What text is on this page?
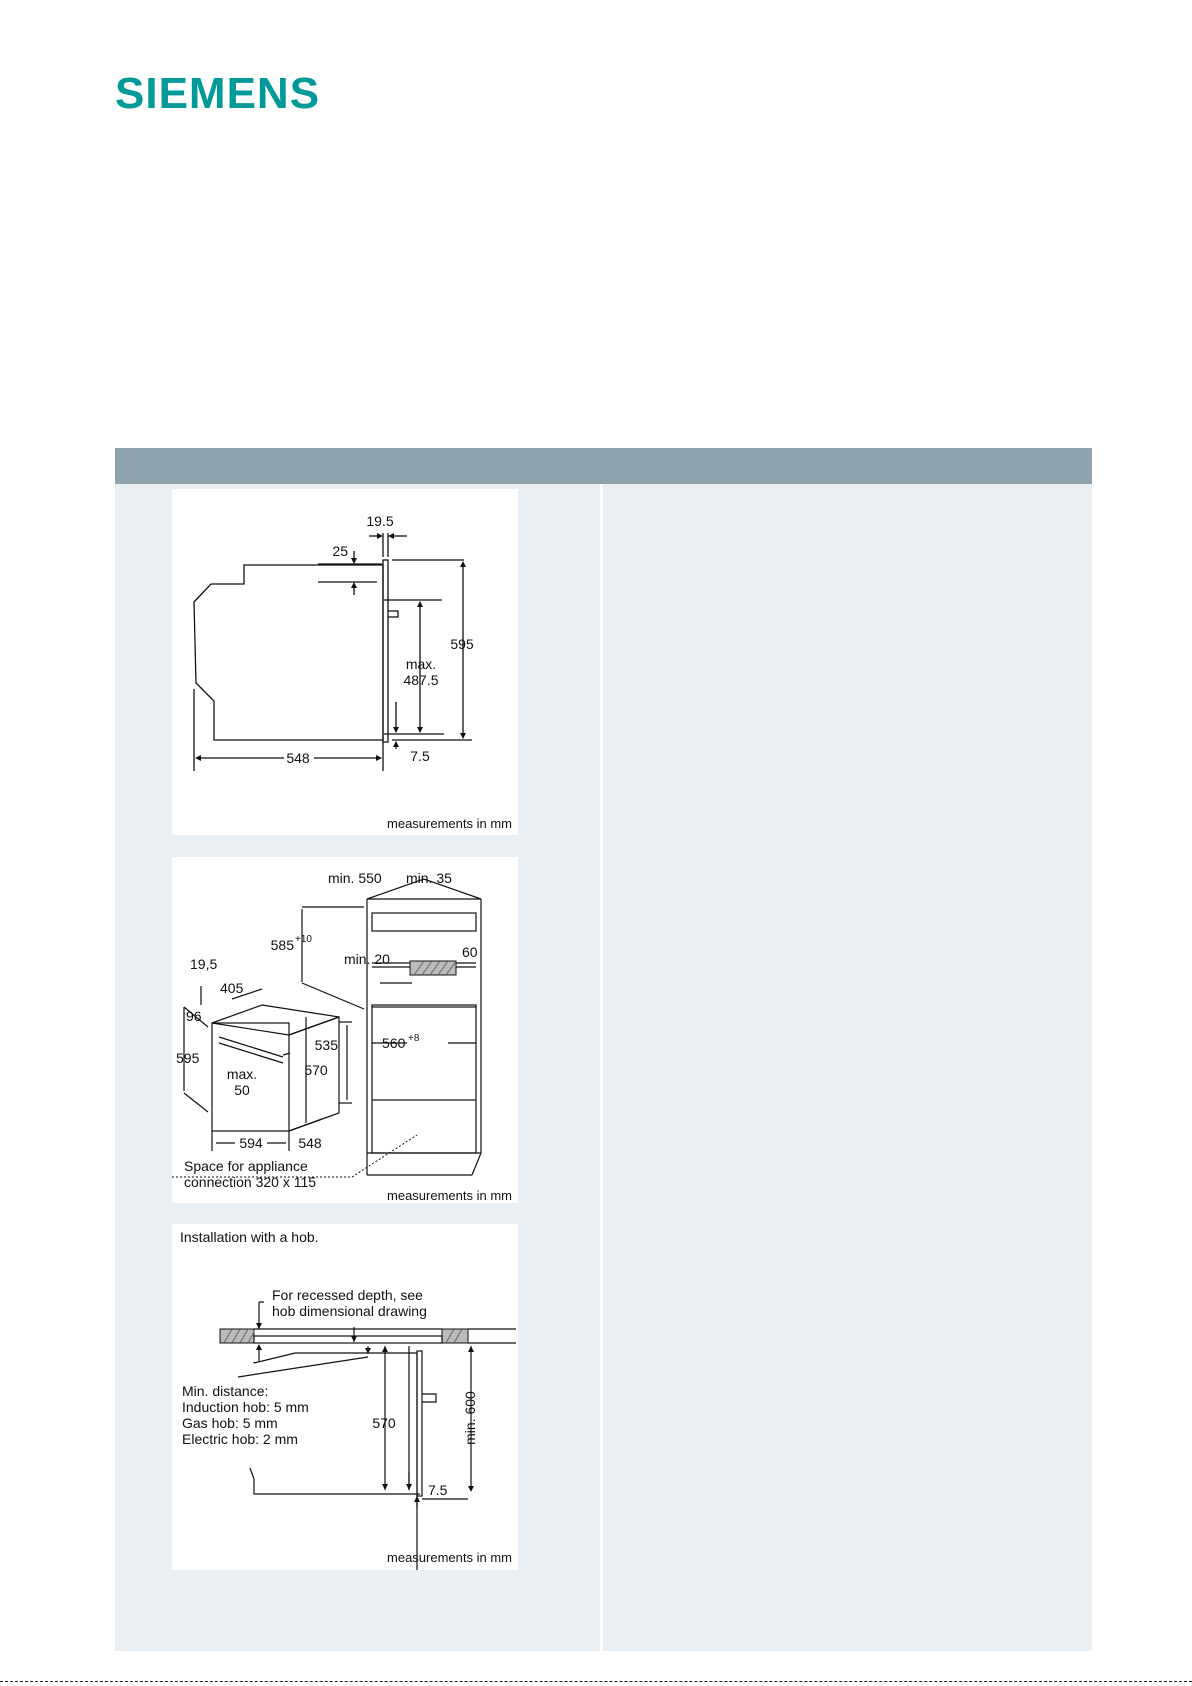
SIEMENS
19.5
25
595
max.
487.5
7.5
548
measurements in mm
min. 550 min. 35
585 +10
min. 20	60
19,5
405
96
595
535	560 +8
max.
50
570
594	548
Space for appliance
connection 320 x 115
measurements in mm
Installation with a hob.
For recessed depth, see
hob dimensional drawing
Min. distance:
Induction hob: 5 mm
Gas hob: 5 mm
Electric hob: 2 mm
570	min. 600
7.5
measurements in mm
